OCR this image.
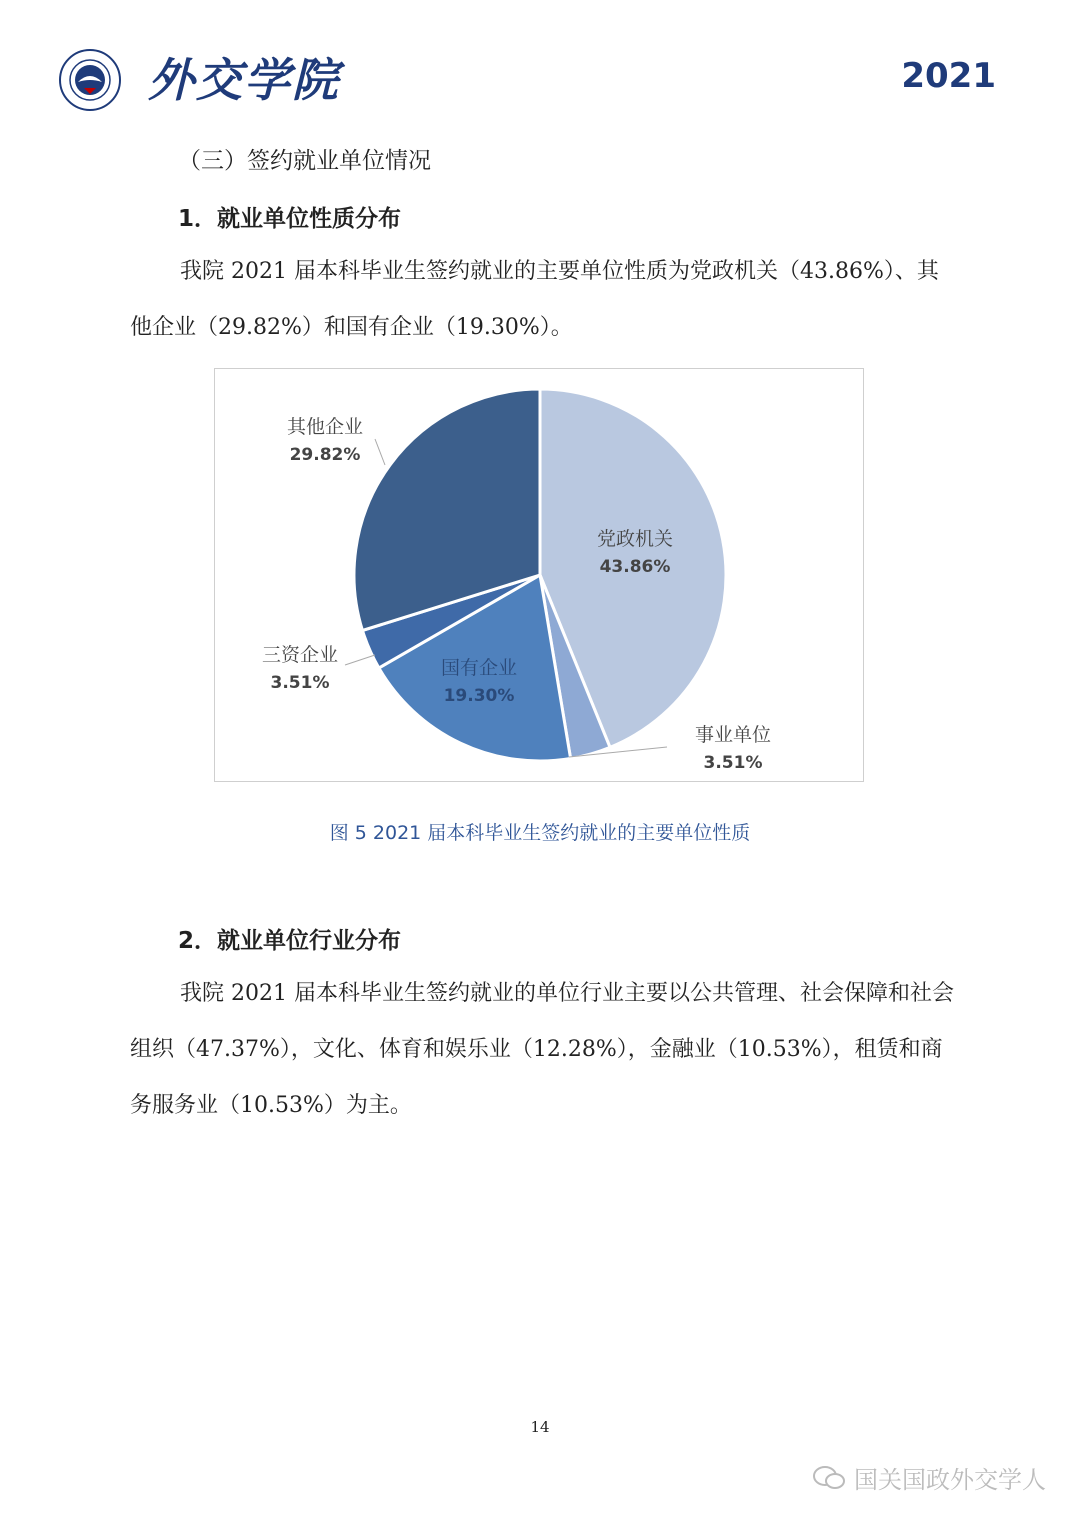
外交学院	2021
（三）签约就业单位情况
1．就业单位性质分布
我院 2021 届本科毕业生签约就业的主要单位性质为党政机关（43.86%）、其他企业（29.82%）和国有企业（19.30%）。
党政机关
43.86%
事业单位
3.51%
国有企业
19.30%
三资企业
3.51%
其他企业
29.82%
图 5 2021 届本科毕业生签约就业的主要单位性质
2．就业单位行业分布
我院 2021 届本科毕业生签约就业的单位行业主要以公共管理、社会保障和社会组织（47.37%），文化、体育和娱乐业（12.28%），金融业（10.53%），租赁和商务服务业（10.53%）为主。
14
国关国政外交学人
